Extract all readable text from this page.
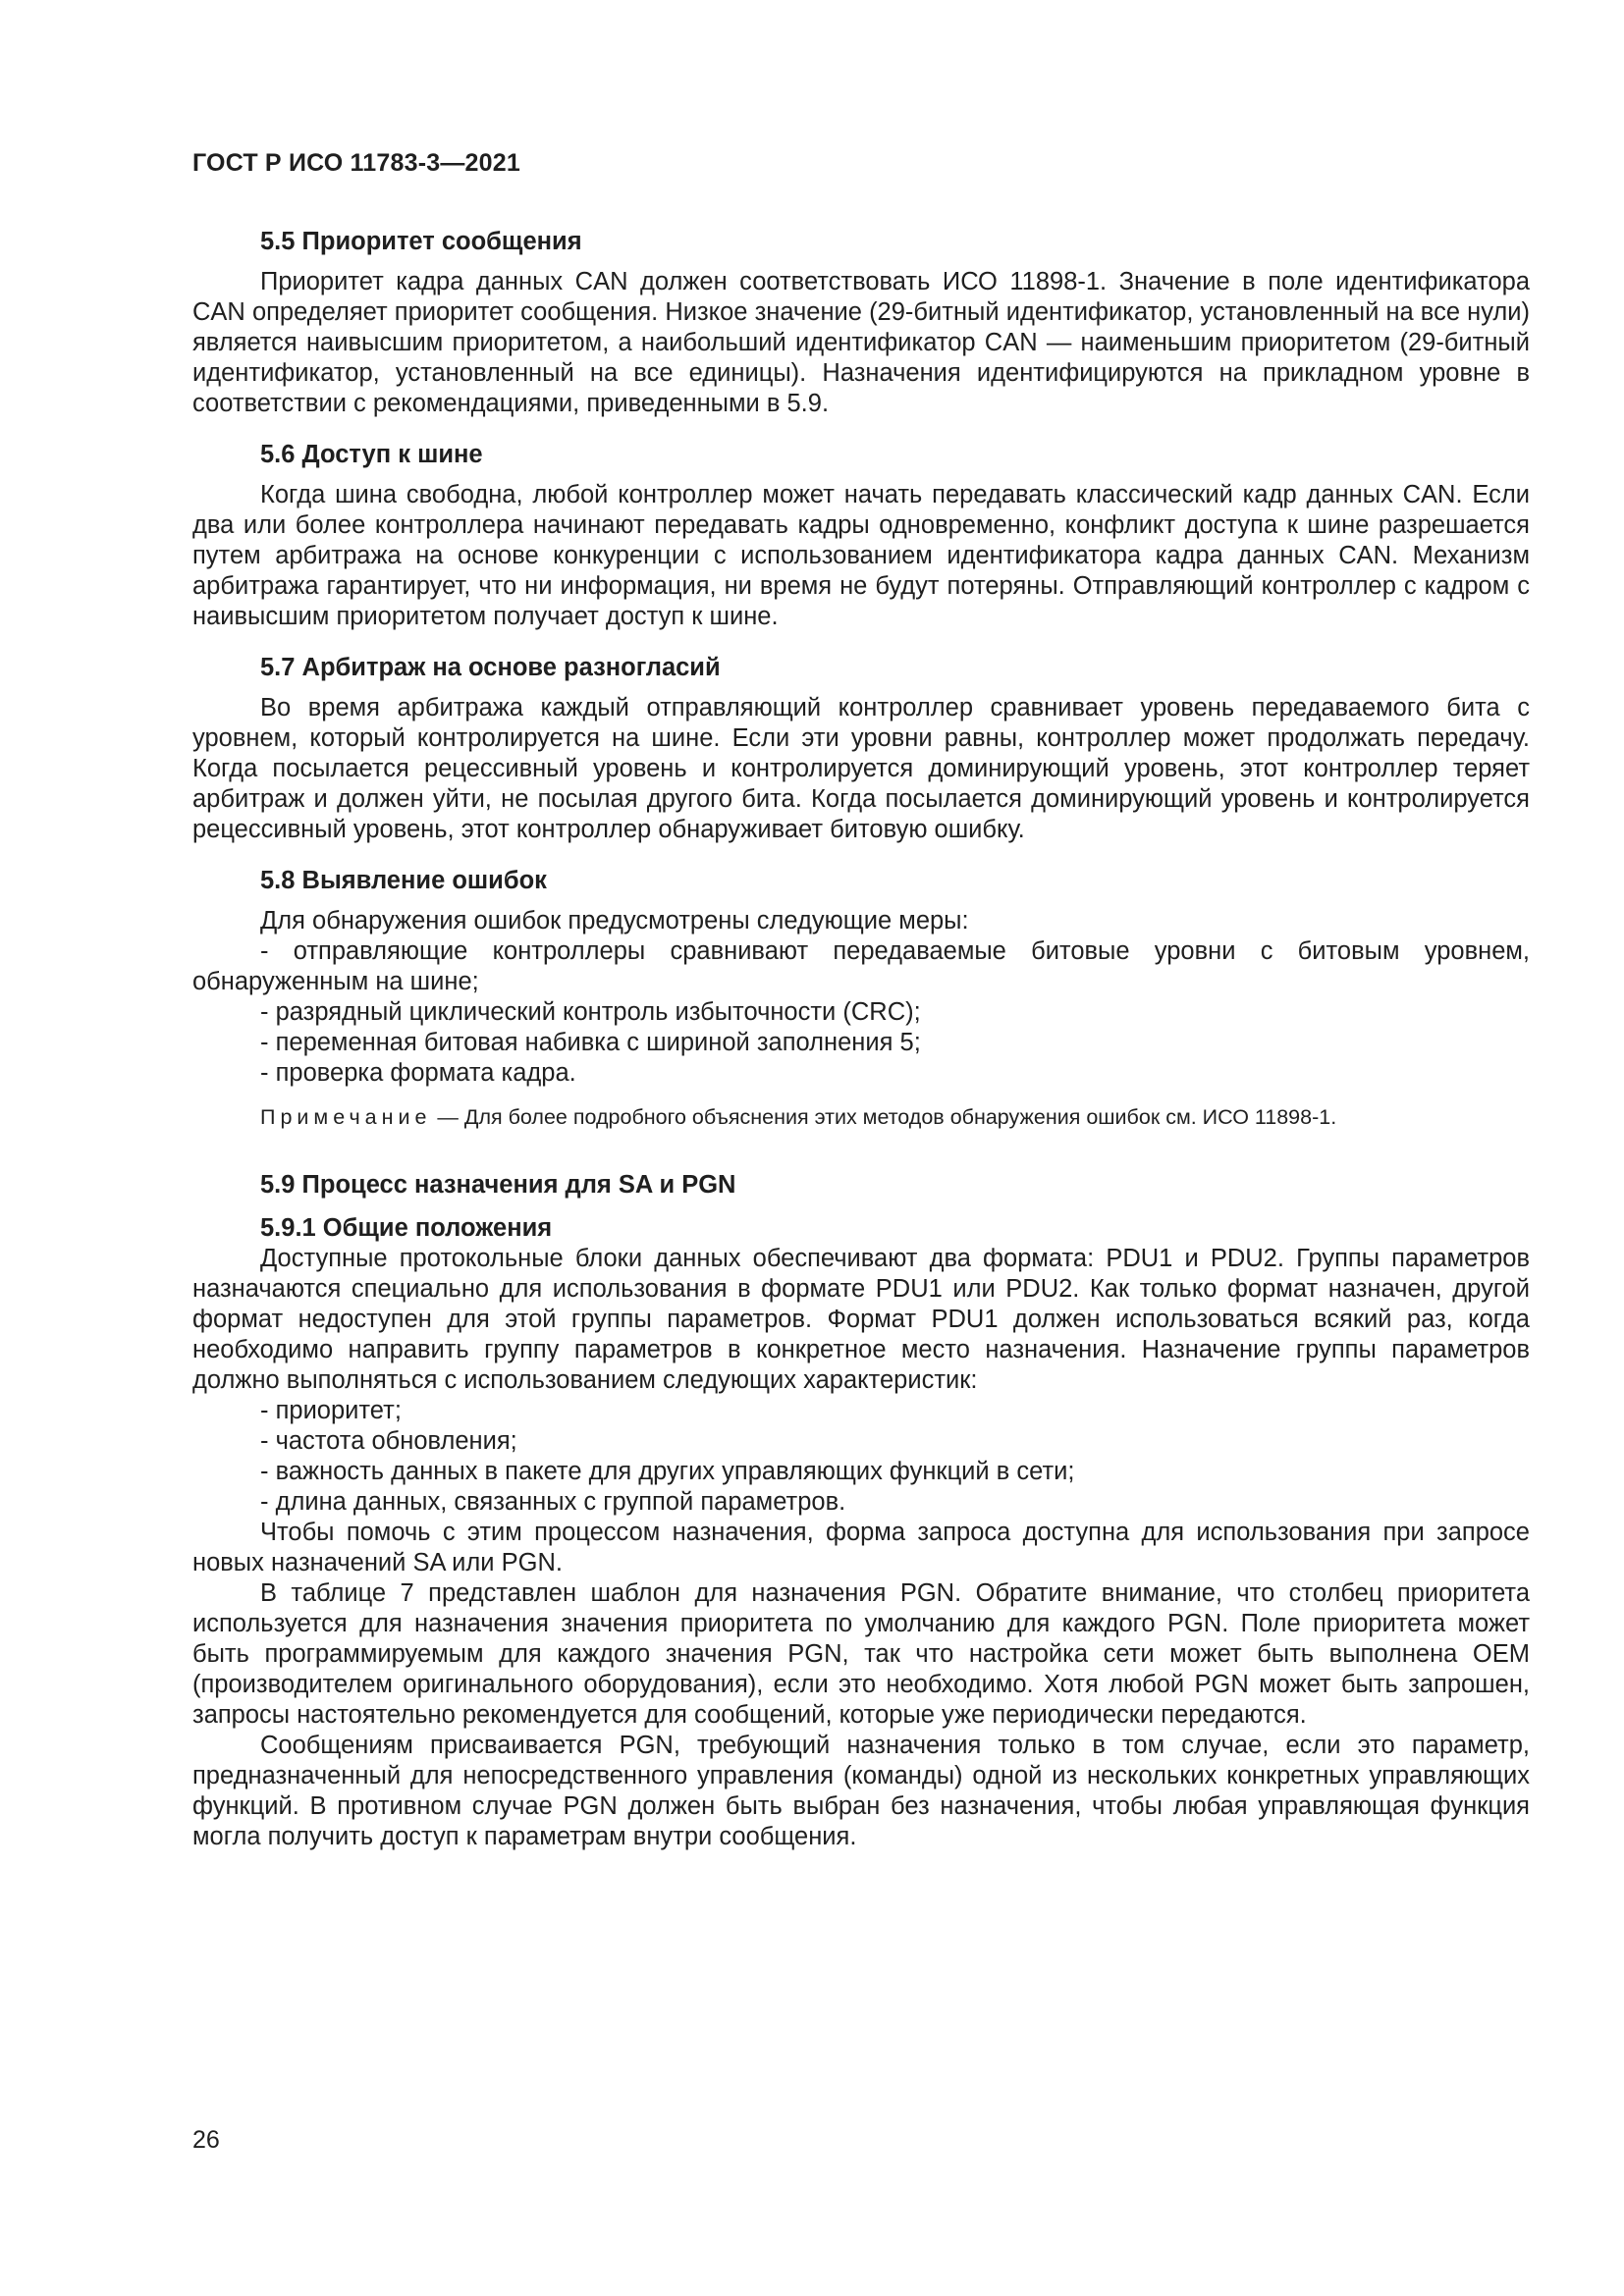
ГОСТ Р ИСО 11783-3—2021
5.5 Приоритет сообщения

Приоритет кадра данных CAN должен соответствовать ИСО 11898-1. Значение в поле идентификатора CAN определяет приоритет сообщения. Низкое значение (29-битный идентификатор, установленный на все нули) является наивысшим приоритетом, а наибольший идентификатор CAN — наименьшим приоритетом (29-битный идентификатор, установленный на все единицы). Назначения идентифицируются на прикладном уровне в соответствии с рекомендациями, приведенными в 5.9.

5.6 Доступ к шине

Когда шина свободна, любой контроллер может начать передавать классический кадр данных CAN. Если два или более контроллера начинают передавать кадры одновременно, конфликт доступа к шине разрешается путем арбитража на основе конкуренции с использованием идентификатора кадра данных CAN. Механизм арбитража гарантирует, что ни информация, ни время не будут потеряны. Отправляющий контроллер с кадром с наивысшим приоритетом получает доступ к шине.

5.7 Арбитраж на основе разногласий

Во время арбитража каждый отправляющий контроллер сравнивает уровень передаваемого бита с уровнем, который контролируется на шине. Если эти уровни равны, контроллер может продолжать передачу. Когда посылается рецессивный уровень и контролируется доминирующий уровень, этот контроллер теряет арбитраж и должен уйти, не посылая другого бита. Когда посылается доминирующий уровень и контролируется рецессивный уровень, этот контроллер обнаруживает битовую ошибку.

5.8 Выявление ошибок

Для обнаружения ошибок предусмотрены следующие меры:

- отправляющие контроллеры сравнивают передаваемые битовые уровни с битовым уровнем, обнаруженным на шине;

- разрядный циклический контроль избыточности (CRC);

- переменная битовая набивка с шириной заполнения 5;

- проверка формата кадра.

Примечание — Для более подробного объяснения этих методов обнаружения ошибок см. ИСО 11898-1.

5.9 Процесс назначения для SA и PGN
5.9.1 Общие положения

Доступные протокольные блоки данных обеспечивают два формата: PDU1 и PDU2. Группы параметров назначаются специально для использования в формате PDU1 или PDU2. Как только формат назначен, другой формат недоступен для этой группы параметров. Формат PDU1 должен использоваться всякий раз, когда необходимо направить группу параметров в конкретное место назначения. Назначение группы параметров должно выполняться с использованием следующих характеристик:

- приоритет;

- частота обновления;

- важность данных в пакете для других управляющих функций в сети;

- длина данных, связанных с группой параметров.

Чтобы помочь с этим процессом назначения, форма запроса доступна для использования при запросе новых назначений SA или PGN.

В таблице 7 представлен шаблон для назначения PGN. Обратите внимание, что столбец приоритета используется для назначения значения приоритета по умолчанию для каждого PGN. Поле приоритета может быть программируемым для каждого значения PGN, так что настройка сети может быть выполнена OEM (производителем оригинального оборудования), если это необходимо. Хотя любой PGN может быть запрошен, запросы настоятельно рекомендуется для сообщений, которые уже периодически передаются.

Сообщениям присваивается PGN, требующий назначения только в том случае, если это параметр, предназначенный для непосредственного управления (команды) одной из нескольких конкретных управляющих функций. В противном случае PGN должен быть выбран без назначения, чтобы любая управляющая функция могла получить доступ к параметрам внутри сообщения.

26
